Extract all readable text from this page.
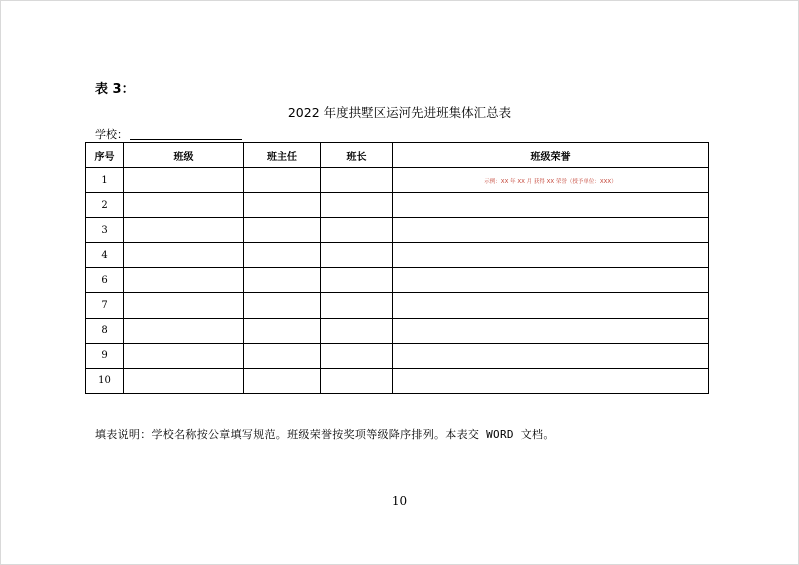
表 3：
2022 年度拱墅区运河先进班集体汇总表
学校：
序号	班级	班主任	班长	班级荣誉
1				示例：XX 年 XX 月 获得 XX 荣誉（授予单位：XXX）
2				
3				
4				
6				
7				
8				
9				
10				
填表说明：学校名称按公章填写规范。班级荣誉按奖项等级降序排列。本表交 WORD 文档。
10
